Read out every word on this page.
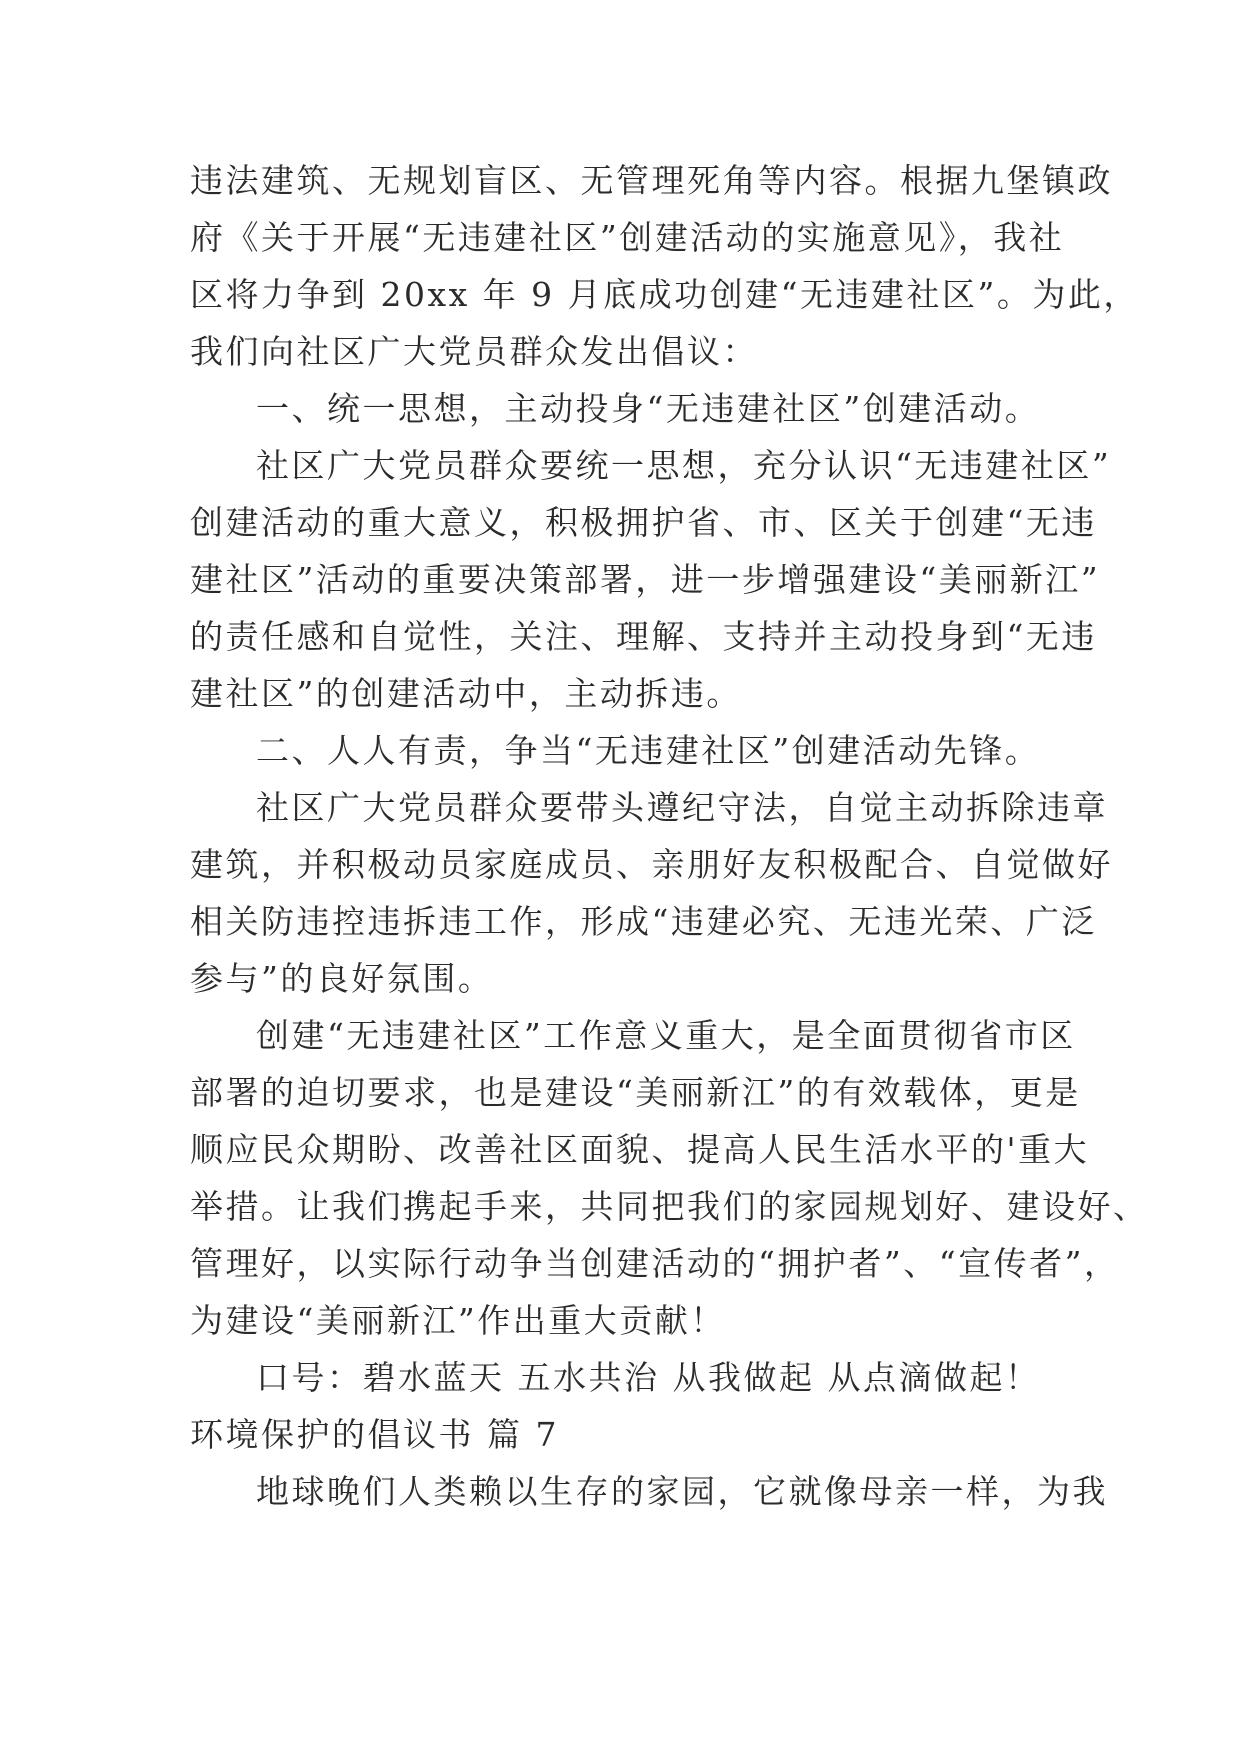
违法建筑、无规划盲区、无管理死角等内容。根据九堡镇政
府《关于开展“无违建社区”创建活动的实施意见》，我社
区将力争到 20xx 年 9 月底成功创建“无违建社区”。为此，
我们向社区广大党员群众发出倡议：
一、统一思想，主动投身“无违建社区”创建活动。
社区广大党员群众要统一思想，充分认识“无违建社区”
创建活动的重大意义，积极拥护省、市、区关于创建“无违
建社区”活动的重要决策部署，进一步增强建设“美丽新江”
的责任感和自觉性，关注、理解、支持并主动投身到“无违
建社区”的创建活动中，主动拆违。
二、人人有责，争当“无违建社区”创建活动先锋。
社区广大党员群众要带头遵纪守法，自觉主动拆除违章
建筑，并积极动员家庭成员、亲朋好友积极配合、自觉做好
相关防违控违拆违工作，形成“违建必究、无违光荣、广泛
参与”的良好氛围。
创建“无违建社区”工作意义重大，是全面贯彻省市区
部署的迫切要求，也是建设“美丽新江”的有效载体，更是
顺应民众期盼、改善社区面貌、提高人民生活水平的'重大
举措。让我们携起手来，共同把我们的家园规划好、建设好、
管理好，以实际行动争当创建活动的“拥护者”、“宣传者”，
为建设“美丽新江”作出重大贡献！
口号：碧水蓝天 五水共治 从我做起 从点滴做起！
环境保护的倡议书 篇 7
地球晚们人类赖以生存的家园，它就像母亲一样，为我
